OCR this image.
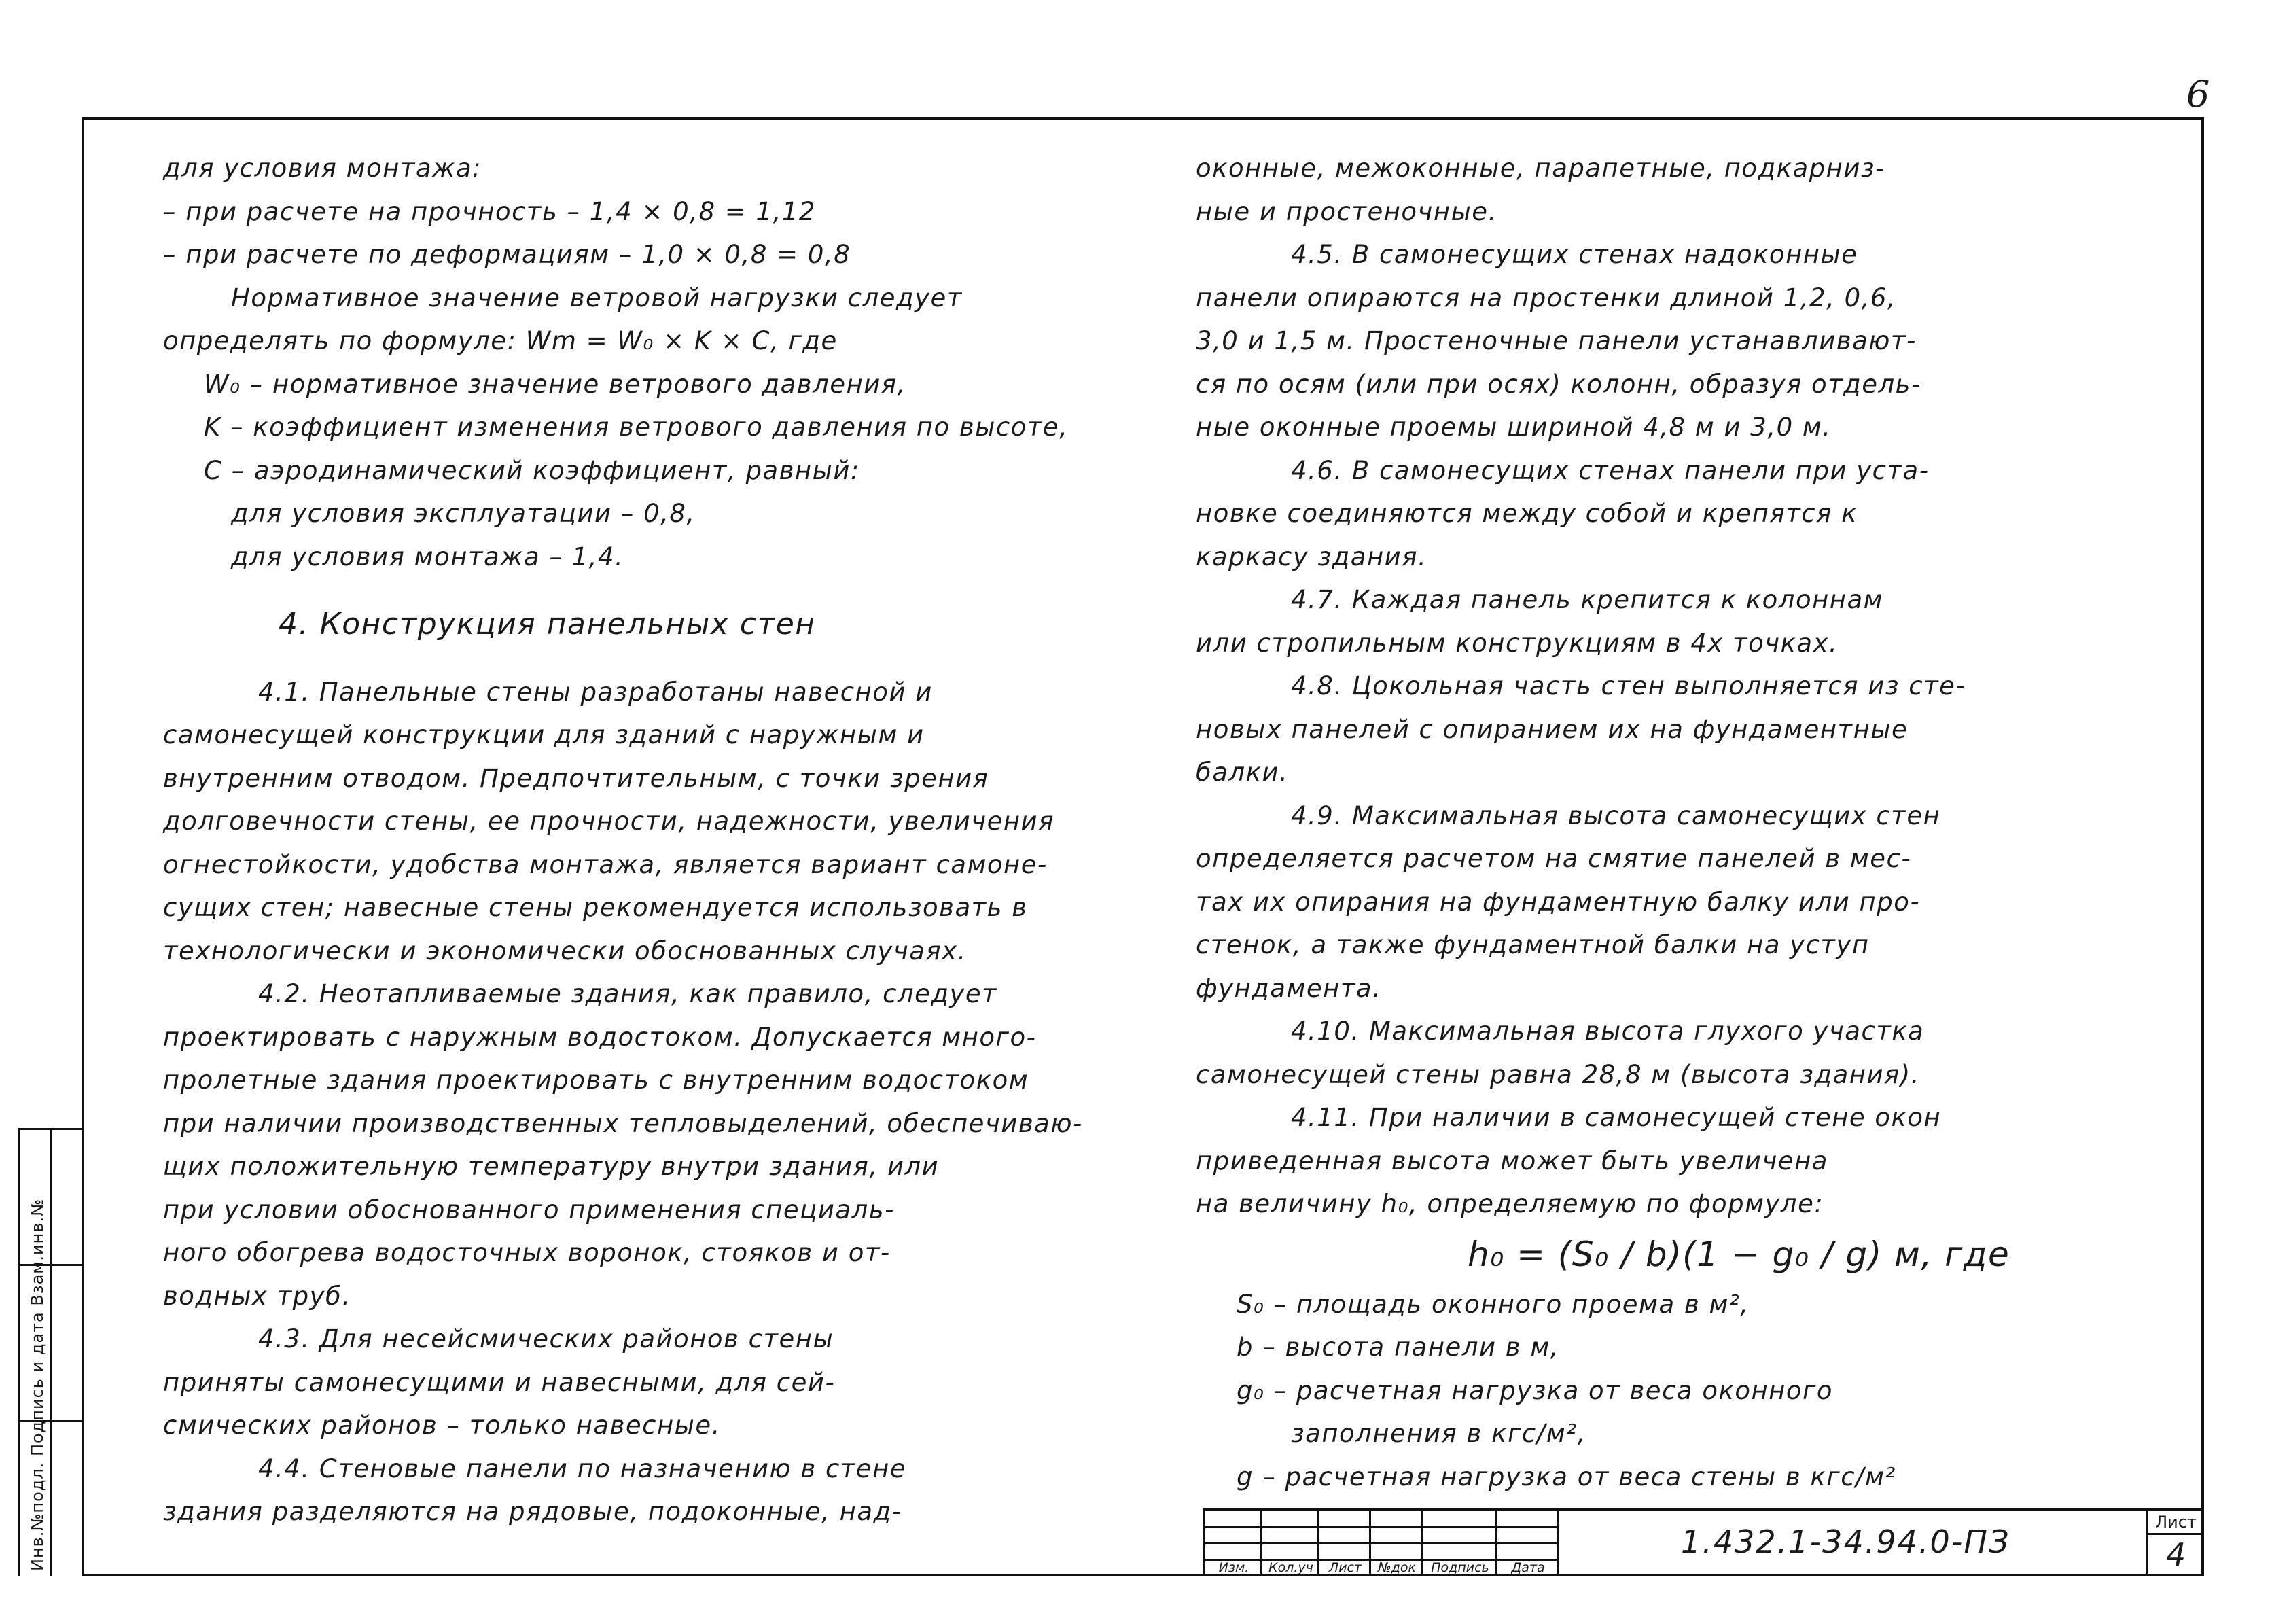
6
для условия монтажа:
– при расчете на прочность – 1,4 × 0,8 = 1,12
– при расчете по деформациям – 1,0 × 0,8 = 0,8
Нормативное значение ветровой нагрузки следует
определять по формуле: Wm = W₀ × K × C, где
W₀ – нормативное значение ветрового давления,
K – коэффициент изменения ветрового давления по высоте,
C – аэродинамический коэффициент, равный:
для условия эксплуатации – 0,8,
для условия монтажа – 1,4.
4. Конструкция панельных стен
4.1. Панельные стены разработаны навесной и
самонесущей конструкции для зданий с наружным и
внутренним отводом. Предпочтительным, с точки зрения
долговечности стены, ее прочности, надежности, увеличения
огнестойкости, удобства монтажа, является вариант самоне-
сущих стен; навесные стены рекомендуется использовать в
технологически и экономически обоснованных случаях.
4.2. Неотапливаемые здания, как правило, следует
проектировать с наружным водостоком. Допускается много-
пролетные здания проектировать с внутренним водостоком
при наличии производственных тепловыделений, обеспечиваю-
щих положительную температуру внутри здания, или
при условии обоснованного применения специаль-
ного обогрева водосточных воронок, стояков и от-
водных труб.
4.3. Для несейсмических районов стены
приняты самонесущими и навесными, для сей-
смических районов – только навесные.
4.4. Стеновые панели по назначению в стене
здания разделяются на рядовые, подоконные, над-
оконные, межоконные, парапетные, подкарниз-
ные и простеночные.
4.5. В самонесущих стенах надоконные
панели опираются на простенки длиной 1,2, 0,6,
3,0 и 1,5 м. Простеночные панели устанавливают-
ся по осям (или при осях) колонн, образуя отдель-
ные оконные проемы шириной 4,8 м и 3,0 м.
4.6. В самонесущих стенах панели при уста-
новке соединяются между собой и крепятся к
каркасу здания.
4.7. Каждая панель крепится к колоннам
или стропильным конструкциям в 4х точках.
4.8. Цокольная часть стен выполняется из сте-
новых панелей с опиранием их на фундаментные
балки.
4.9. Максимальная высота самонесущих стен
определяется расчетом на смятие панелей в мес-
тах их опирания на фундаментную балку или про-
стенок, а также фундаментной балки на уступ
фундамента.
4.10. Максимальная высота глухого участка
самонесущей стены равна 28,8 м (высота здания).
4.11. При наличии в самонесущей стене окон
приведенная высота может быть увеличена
на величину h₀, определяемую по формуле:
h₀ = (S₀ / b)(1 − g₀ / g) м, где
S₀ – площадь оконного проема в м²,
b – высота панели в м,
g₀ – расчетная нагрузка от веса оконного
заполнения в кгс/м²,
g – расчетная нагрузка от веса стены в кгс/м²
Инв.№подл. Подпись и дата Взам.инв.№	Изм.	Кол.уч	Лист	№док	Подпись	Дата
1.432.1-34.94.0-ПЗ
Лист
4
